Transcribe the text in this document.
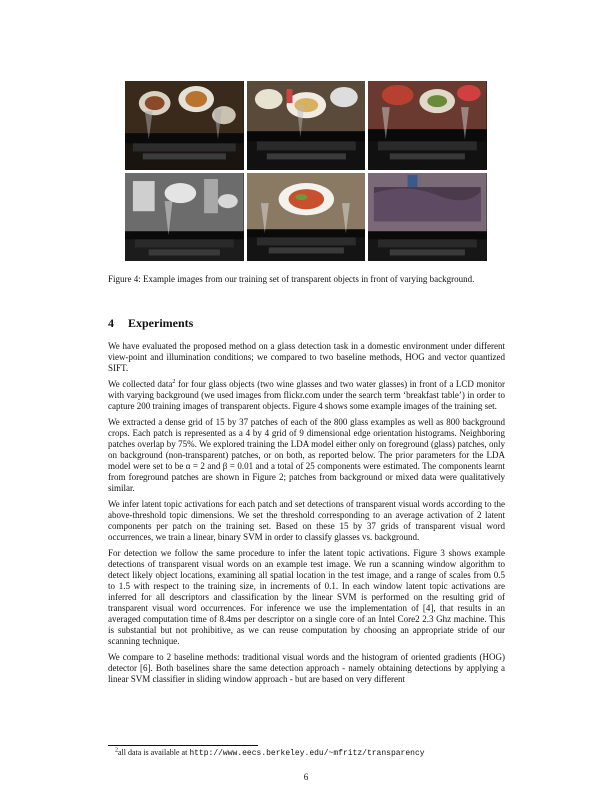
Figure 4: Example images from our training set of transparent objects in front of varying background.
4 Experiments

We have evaluated the proposed method on a glass detection task in a domestic environment under different view-point and illumination conditions; we compared to two baseline methods, HOG and vector quantized SIFT.

We collected data$^2$ for four glass objects (two wine glasses and two water glasses) in front of a LCD monitor with varying background (we used images from flickr.com under the search term ‘breakfast table’) in order to capture 200 training images of transparent objects. Figure 4 shows some example images of the training set.

We extracted a dense grid of 15 by 37 patches of each of the 800 glass examples as well as 800 background crops. Each patch is represented as a 4 by 4 grid of 9 dimensional edge orientation histograms. Neighboring patches overlap by 75%. We explored training the LDA model either only on foreground (glass) patches, only on background (non-transparent) patches, or on both, as reported below. The prior parameters for the LDA model were set to be α = 2 and β = 0.01 and a total of 25 components were estimated. The components learnt from foreground patches are shown in Figure 2; patches from background or mixed data were qualitatively similar.

We infer latent topic activations for each patch and set detections of transparent visual words according to the above-threshold topic dimensions. We set the threshold corresponding to an average activation of 2 latent components per patch on the training set. Based on these 15 by 37 grids of transparent visual word occurrences, we train a linear, binary SVM in order to classify glasses vs. background.

For detection we follow the same procedure to infer the latent topic activations. Figure 3 shows example detections of transparent visual words on an example test image. We run a scanning window algorithm to detect likely object locations, examining all spatial location in the test image, and a range of scales from 0.5 to 1.5 with respect to the training size, in increments of 0.1. In each window latent topic activations are inferred for all descriptors and classification by the linear SVM is performed on the resulting grid of transparent visual word occurrences. For inference we use the implementation of [4], that results in an averaged computation time of 8.4ms per descriptor on a single core of an Intel Core2 2.3 Ghz machine. This is substantial but not prohibitive, as we can reuse computation by choosing an appropriate stride of our scanning technique.

We compare to 2 baseline methods: traditional visual words and the histogram of oriented gradients (HOG) detector [6]. Both baselines share the same detection approach - namely obtaining detections by applying a linear SVM classifier in sliding window approach - but are based on very different

$^2$all data is available at http://www.eecs.berkeley.edu/~mfritz/transparency
6
